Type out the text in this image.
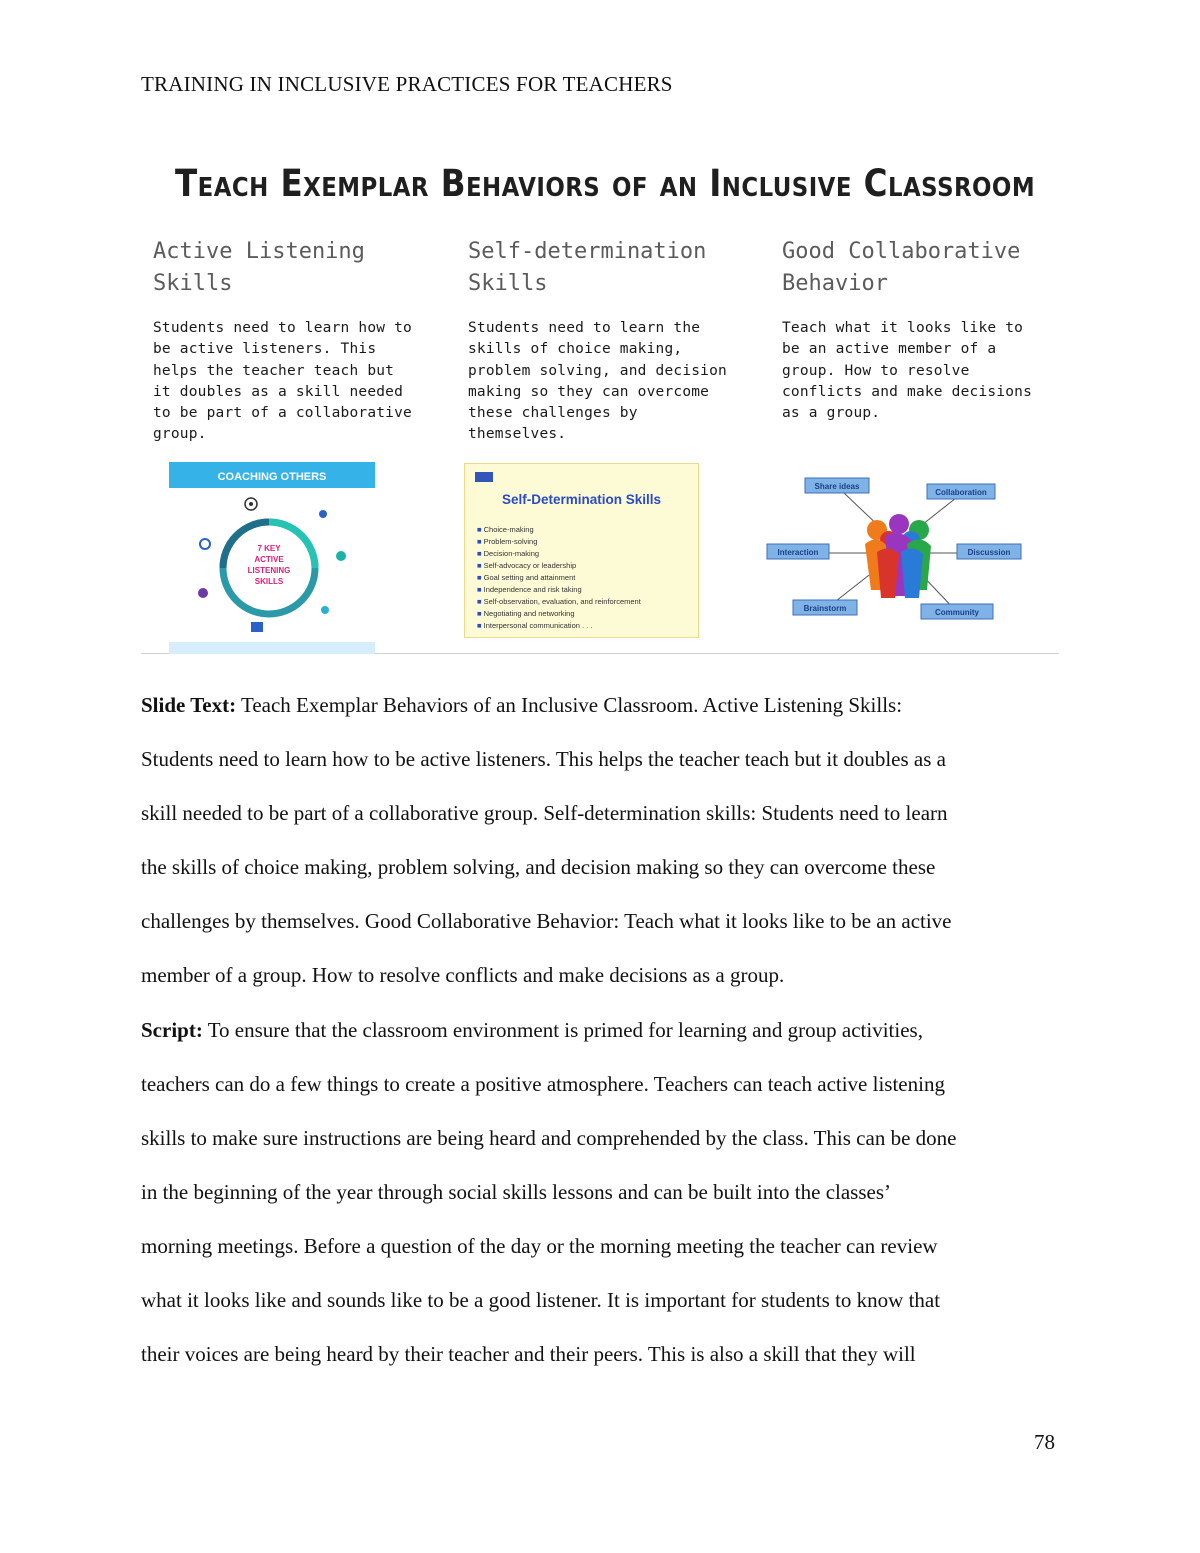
TRAINING IN INCLUSIVE PRACTICES FOR TEACHERS
Teach Exemplar Behaviors of an Inclusive Classroom

Active Listening
Skills

Students need to learn how to
be active listeners. This
helps the teacher teach but
it doubles as a skill needed
to be part of a collaborative
group.

Self-determination
Skills

Students need to learn the
skills of choice making,
problem solving, and decision
making so they can overcome
these challenges by
themselves.

Good Collaborative
Behavior

Teach what it looks like to
be an active member of a
group. How to resolve
conflicts and make decisions
as a group.

COACHING OTHERS
7 KEY
ACTIVE
LISTENING
SKILLS
Self-Determination Skills
■ Choice-making
■ Problem-solving
■ Decision-making
■ Self-advocacy or leadership
■ Goal setting and attainment
■ Independence and risk taking
■ Self-observation, evaluation, and reinforcement
■ Negotiating and networking
■ Interpersonal communication . . .
Share ideas
Collaboration
Interaction	Discussion
Brainstorm	Community
Slide Text: Teach Exemplar Behaviors of an Inclusive Classroom. Active Listening Skills:
Students need to learn how to be active listeners. This helps the teacher teach but it doubles as a
skill needed to be part of a collaborative group. Self-determination skills: Students need to learn
the skills of choice making, problem solving, and decision making so they can overcome these
challenges by themselves. Good Collaborative Behavior: Teach what it looks like to be an active
member of a group. How to resolve conflicts and make decisions as a group.
Script: To ensure that the classroom environment is primed for learning and group activities,
teachers can do a few things to create a positive atmosphere. Teachers can teach active listening
skills to make sure instructions are being heard and comprehended by the class. This can be done
in the beginning of the year through social skills lessons and can be built into the classes’
morning meetings. Before a question of the day or the morning meeting the teacher can review
what it looks like and sounds like to be a good listener. It is important for students to know that
their voices are being heard by their teacher and their peers. This is also a skill that they will
78
